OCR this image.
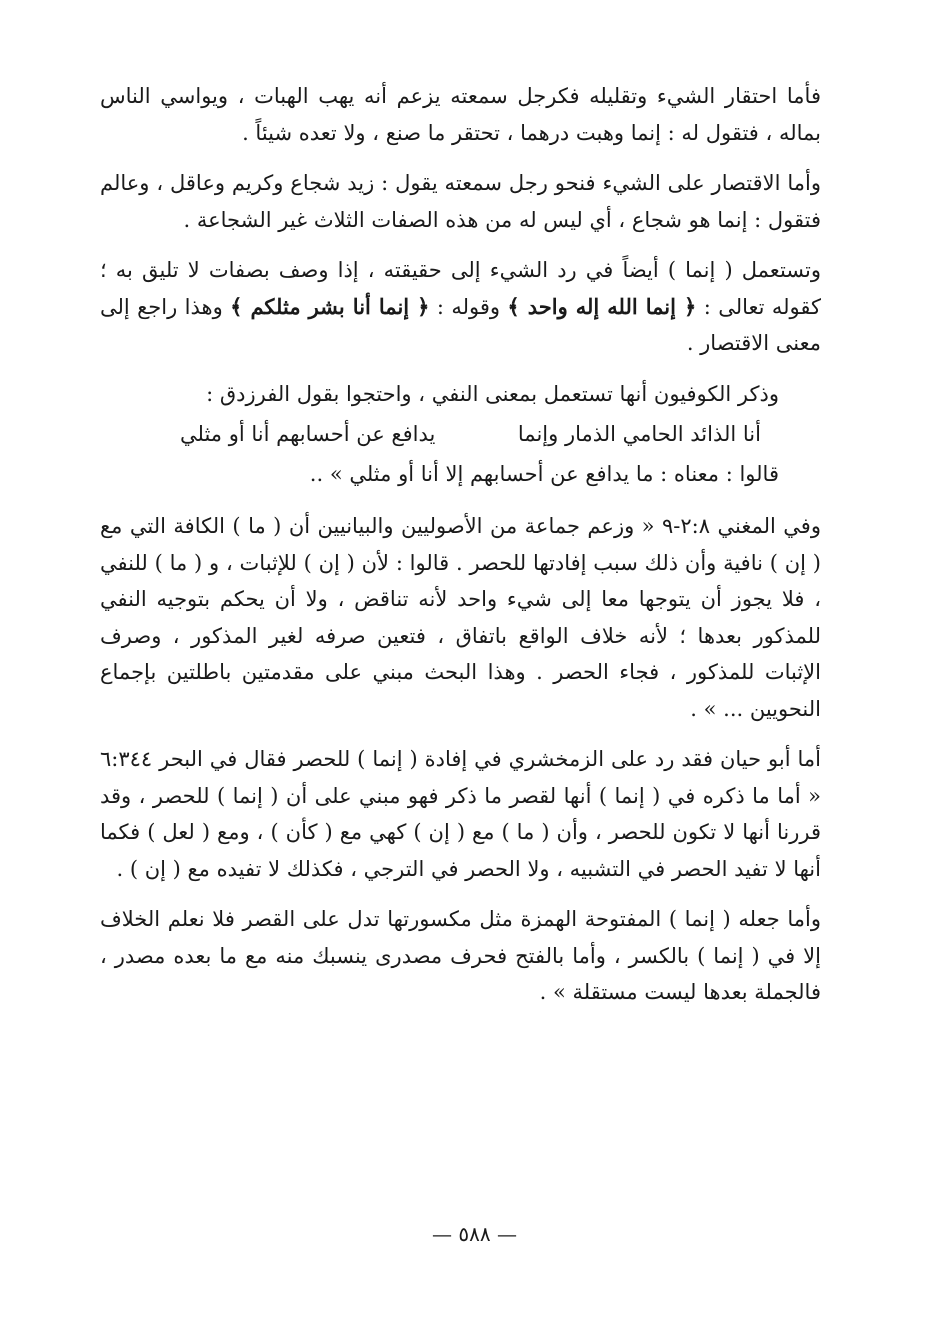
فأما احتقار الشيء وتقليله فكرجل سمعته يزعم أنه يهب الهبات ، ويواسي الناس بماله ، فتقول له : إنما وهبت درهما ، تحتقر ما صنع ، ولا تعده شيئاً .

وأما الاقتصار على الشيء فنحو رجل سمعته يقول : زيد شجاع وكريم وعاقل ، وعالم فتقول : إنما هو شجاع ، أي ليس له من هذه الصفات الثلاث غير الشجاعة .

وتستعمل ( إنما ) أيضاً في رد الشيء إلى حقيقته ، إذا وصف بصفات لا تليق به ؛ كقوله تعالى : ﴿ إنما الله إله واحد ﴾ وقوله : ﴿ إنما أنا بشر مثلكم ﴾ وهذا راجع إلى معنى الاقتصار .

وذكر الكوفيون أنها تستعمل بمعنى النفي ، واحتجوا بقول الفرزدق :

أنا الذائد الحامي الذمار وإنما
يدافع عن أحسابهم أنا أو مثلي

قالوا : معناه : ما يدافع عن أحسابهم إلا أنا أو مثلي » ..

وفي المغني ٢:٨-٩ « وزعم جماعة من الأصوليين والبيانيين أن ( ما ) الكافة التي مع ( إن ) نافية وأن ذلك سبب إفادتها للحصر . قالوا : لأن ( إن ) للإثبات ، و ( ما ) للنفي ، فلا يجوز أن يتوجها معا إلى شيء واحد لأنه تناقض ، ولا أن يحكم بتوجيه النفي للمذكور بعدها ؛ لأنه خلاف الواقع باتفاق ، فتعين صرفه لغير المذكور ، وصرف الإثبات للمذكور ، فجاء الحصر . وهذا البحث مبني على مقدمتين باطلتين بإجماع النحويين ... » .

أما أبو حيان فقد رد على الزمخشري في إفادة ( إنما ) للحصر فقال في البحر ٦:٣٤٤ « أما ما ذكره في ( إنما ) أنها لقصر ما ذكر فهو مبني على أن ( إنما ) للحصر ، وقد قررنا أنها لا تكون للحصر ، وأن ( ما ) مع ( إن ) كهي مع ( كأن ) ، ومع ( لعل ) فكما أنها لا تفيد الحصر في التشبيه ، ولا الحصر في الترجي ، فكذلك لا تفيده مع ( إن ) .

وأما جعله ( إنما ) المفتوحة الهمزة مثل مكسورتها تدل على القصر فلا نعلم الخلاف إلا في ( إنما ) بالكسر ، وأما بالفتح فحرف مصدرى ينسبك منه مع ما بعده مصدر ، فالجملة بعدها ليست مستقلة » .

— ٥٨٨ —
